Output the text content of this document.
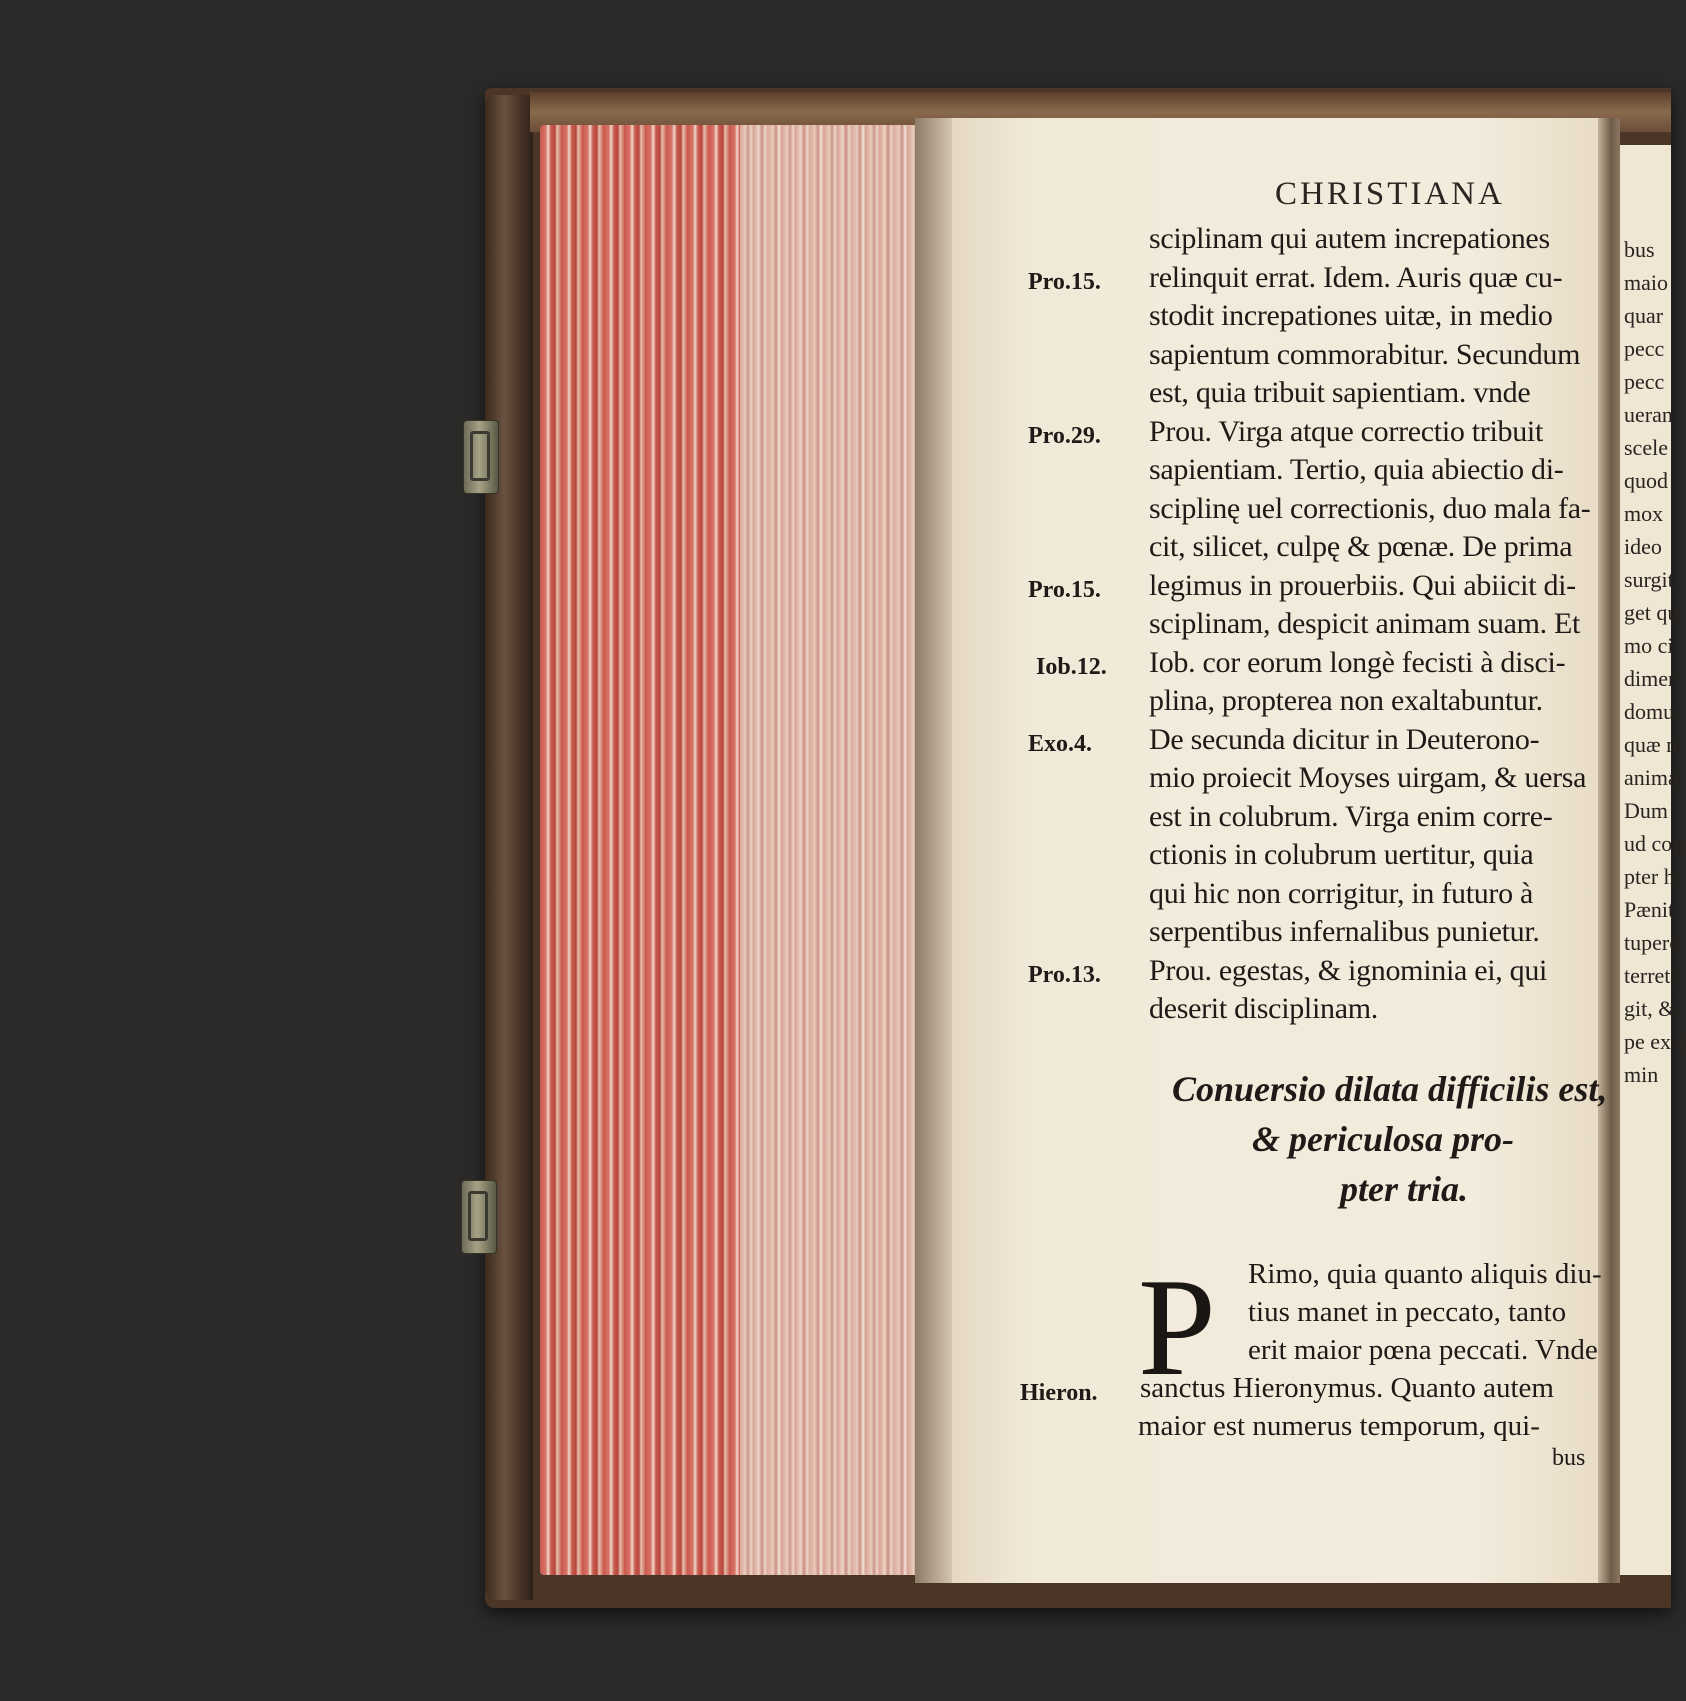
bus
maio
quar
pecc
pecc
ueran
scele
quod
mox
ideo
surgit
get qu
mo ci
dimer
domu
quæ n
anima
Dum
ud cog
pter h
Pænit
tupero
terret;
git, &
pe ex c
min
CHRISTIANA
sciplinam qui autem increpationes
relinquit errat. Idem. Auris quæ cu-
stodit increpationes uitæ, in medio
sapientum commorabitur. Secundum
est, quia tribuit sapientiam. vnde
Prou. Virga atque correctio tribuit
sapientiam. Tertio, quia abiectio di-
sciplinę uel correctionis, duo mala fa-
cit, silicet, culpę & pœnæ. De prima
legimus in prouerbiis. Qui abiicit di-
sciplinam, despicit animam suam. Et
Iob. cor eorum longè fecisti à disci-
plina, propterea non exaltabuntur.
De secunda dicitur in Deuterono-
mio proiecit Moyses uirgam, & uersa
est in colubrum. Virga enim corre-
ctionis in colubrum uertitur, quia
qui hic non corrigitur, in futuro à
serpentibus infernalibus punietur.
Prou. egestas, & ignominia ei, qui
deserit disciplinam.
Pro.15.
Pro.29.
Pro.15.
Iob.12.
Exo.4.
Pro.13.
Hieron.
Conuersio dilata difficilis est,
& periculosa pro-
pter tria.
P Rimo, quia quanto aliquis diu-
tius manet in peccato, tanto
erit maior pœna peccati. Vnde
sanctus Hieronymus. Quanto autem
maior est numerus temporum, qui-
bus
